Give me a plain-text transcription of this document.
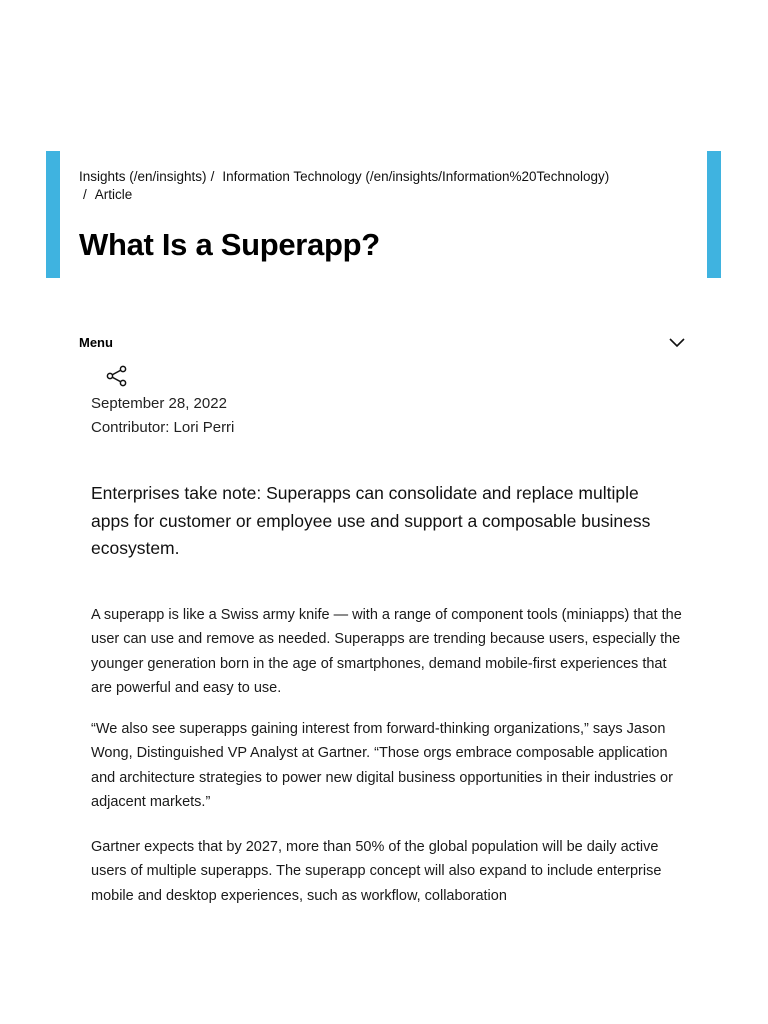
Insights (/en/insights) / Information Technology (/en/insights/Information%20Technology)
/ Article
What Is a Superapp?
Menu
September 28, 2022
Contributor: Lori Perri

Enterprises take note: Superapps can consolidate and replace multiple apps for customer or employee use and support a composable business ecosystem.

A superapp is like a Swiss army knife — with a range of component tools (miniapps) that the user can use and remove as needed. Superapps are trending because users, especially the younger generation born in the age of smartphones, demand mobile-first experiences that are powerful and easy to use.

“We also see superapps gaining interest from forward-thinking organizations,” says Jason Wong, Distinguished VP Analyst at Gartner. “Those orgs embrace composable application and architecture strategies to power new digital business opportunities in their industries or adjacent markets.”

Gartner expects that by 2027, more than 50% of the global population will be daily active users of multiple superapps. The superapp concept will also expand to include enterprise mobile and desktop experiences, such as workflow, collaboration
